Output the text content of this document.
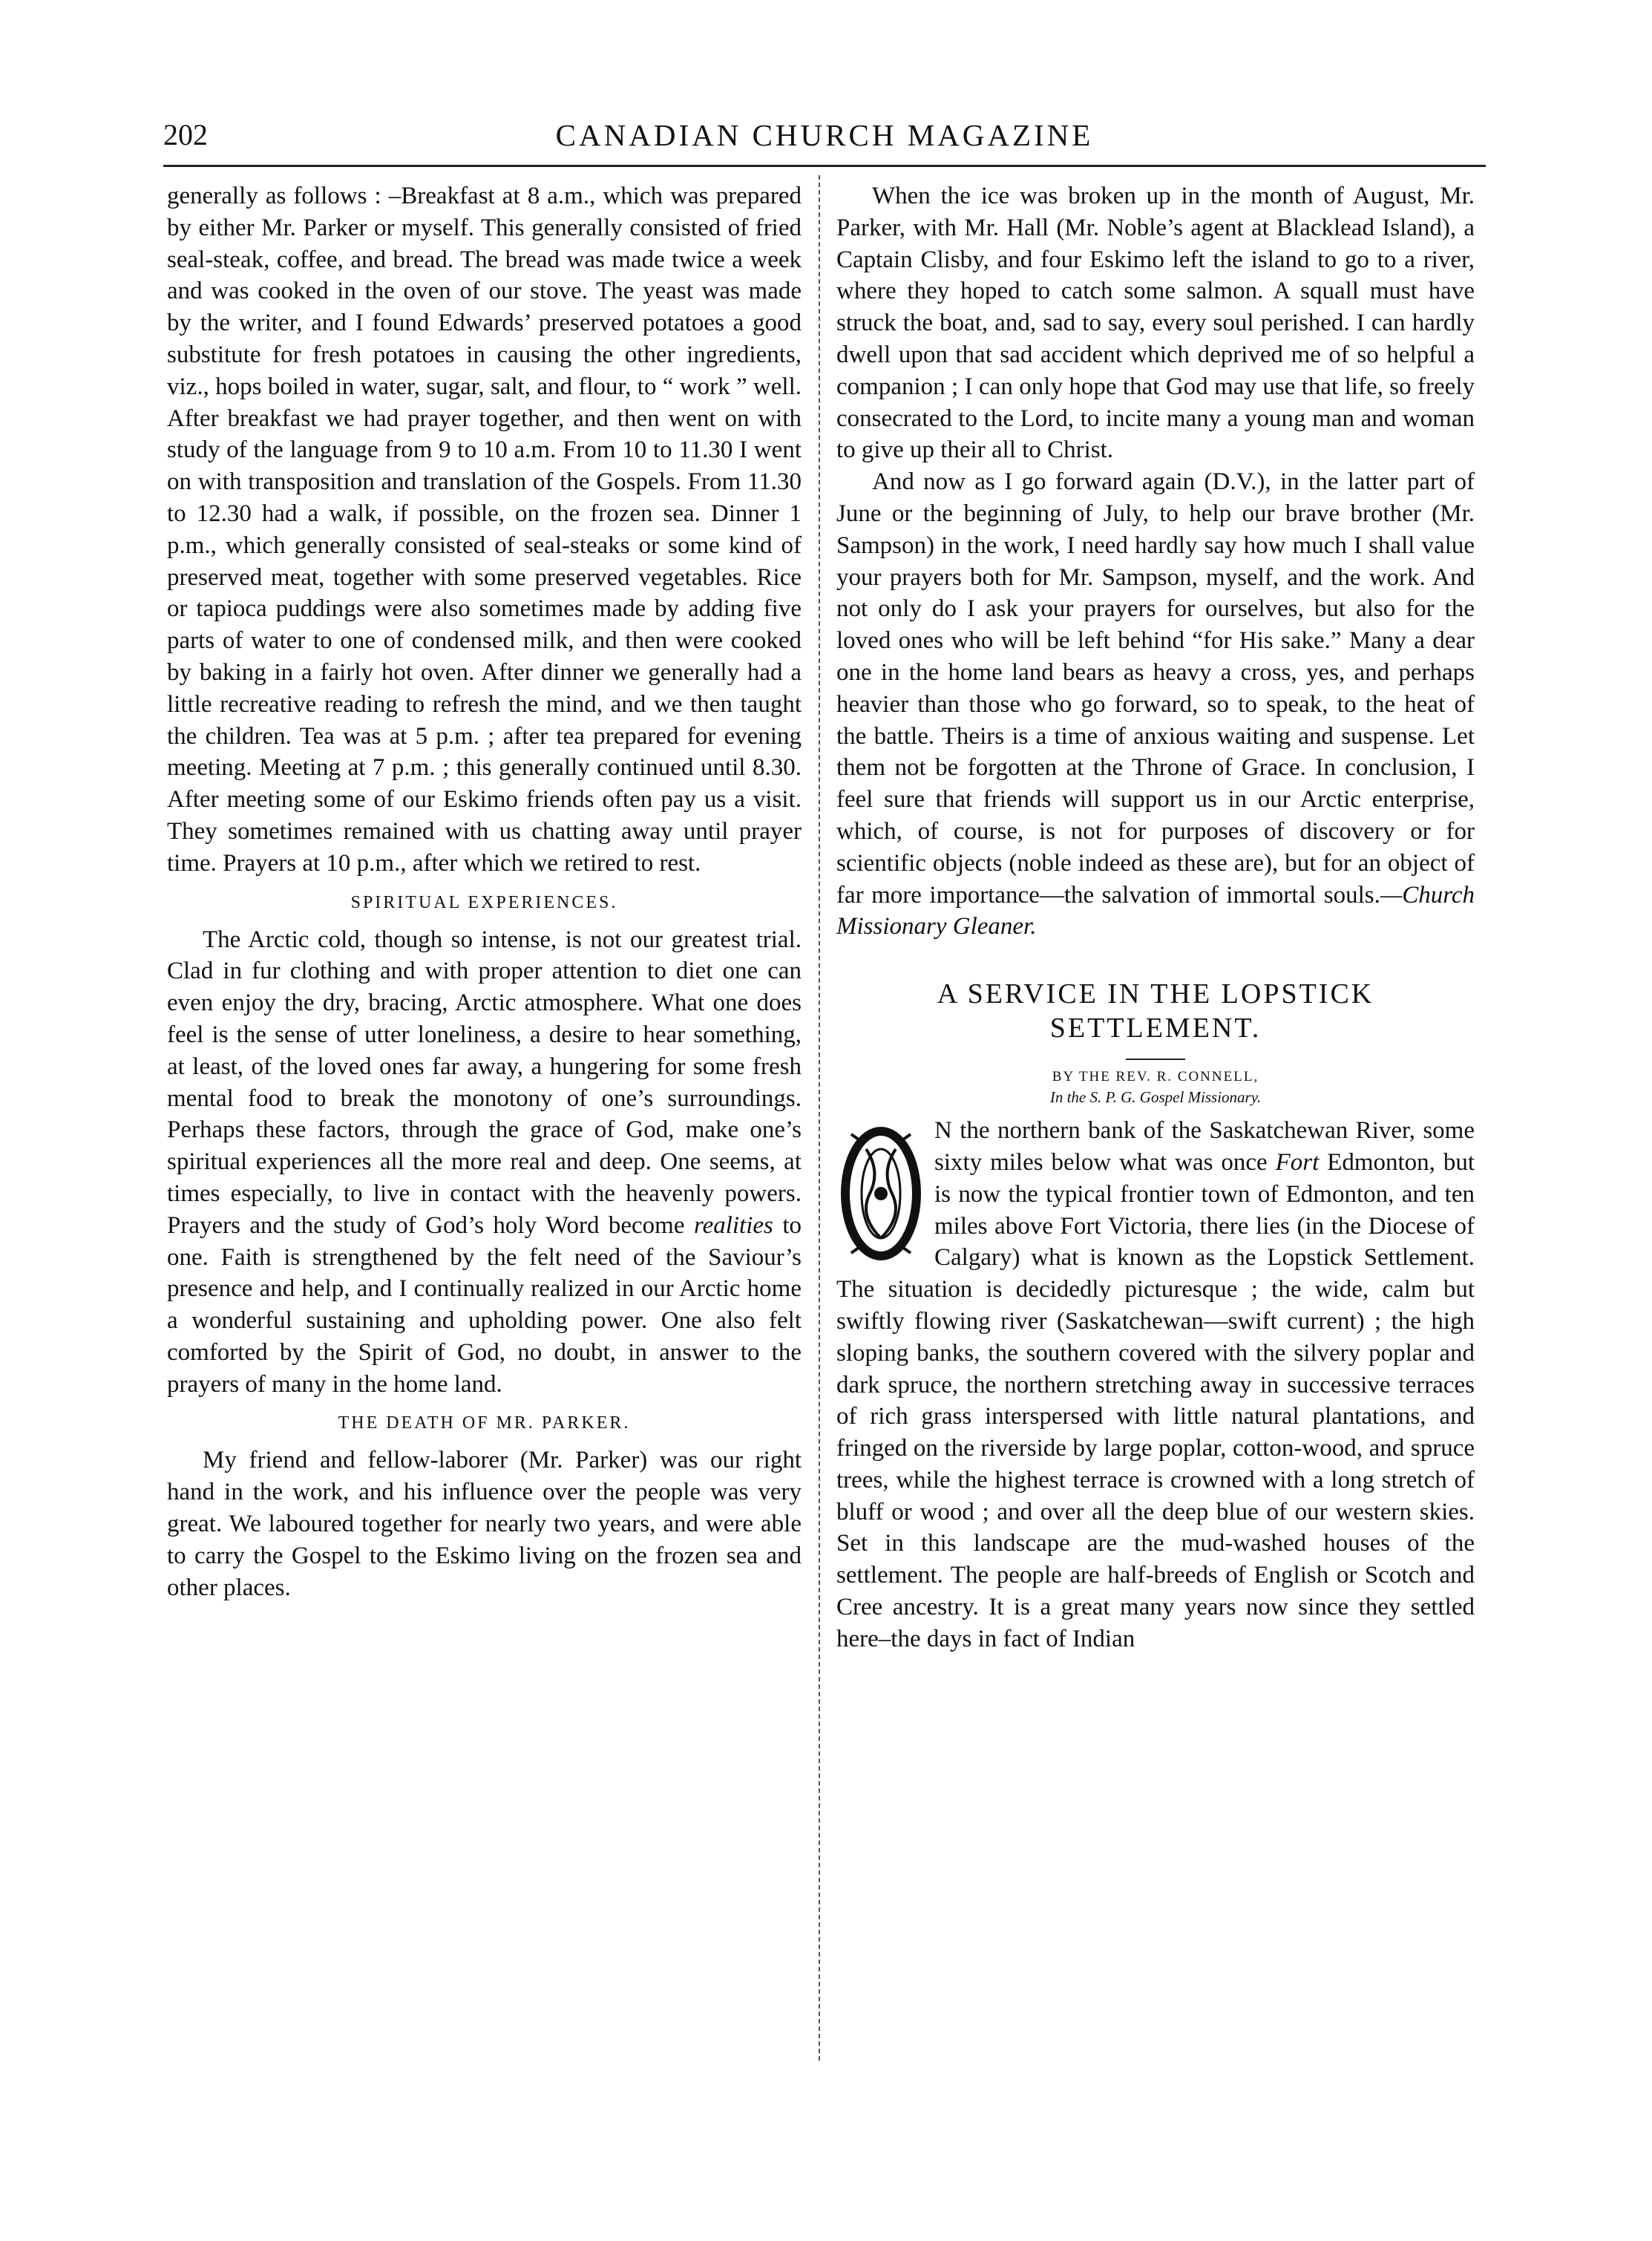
202	CANADIAN CHURCH MAGAZINE

generally as follows : –Breakfast at 8 a.m., which was prepared by either Mr. Parker or myself. This generally consisted of fried seal-steak, coffee, and bread. The bread was made twice a week and was cooked in the oven of our stove. The yeast was made by the writer, and I found Edwards’ preserved potatoes a good substitute for fresh potatoes in causing the other ingredients, viz., hops boiled in water, sugar, salt, and flour, to “ work ” well. After breakfast we had prayer together, and then went on with study of the language from 9 to 10 a.m. From 10 to 11.30 I went on with transposition and translation of the Gospels. From 11.30 to 12.30 had a walk, if possible, on the frozen sea. Dinner 1 p.m., which generally consisted of seal-steaks or some kind of preserved meat, together with some preserved vegetables. Rice or tapioca puddings were also sometimes made by adding five parts of water to one of condensed milk, and then were cooked by baking in a fairly hot oven. After dinner we generally had a little recreative reading to refresh the mind, and we then taught the children. Tea was at 5 p.m. ; after tea prepared for evening meeting. Meeting at 7 p.m. ; this generally continued until 8.30. After meeting some of our Eskimo friends often pay us a visit. They sometimes remained with us chatting away until prayer time. Prayers at 10 p.m., after which we retired to rest.

SPIRITUAL EXPERIENCES.

The Arctic cold, though so intense, is not our greatest trial. Clad in fur clothing and with proper attention to diet one can even enjoy the dry, bracing, Arctic atmosphere. What one does feel is the sense of utter loneliness, a desire to hear something, at least, of the loved ones far away, a hungering for some fresh mental food to break the monotony of one’s surroundings. Perhaps these factors, through the grace of God, make one’s spiritual experiences all the more real and deep. One seems, at times especially, to live in contact with the heavenly powers. Prayers and the study of God’s holy Word become realities to one. Faith is strengthened by the felt need of the Saviour’s presence and help, and I continually realized in our Arctic home a wonderful sustaining and upholding power. One also felt comforted by the Spirit of God, no doubt, in answer to the prayers of many in the home land.

THE DEATH OF MR. PARKER.

My friend and fellow-laborer (Mr. Parker) was our right hand in the work, and his influence over the people was very great. We laboured together for nearly two years, and were able to carry the Gospel to the Eskimo living on the frozen sea and other places.

When the ice was broken up in the month of August, Mr. Parker, with Mr. Hall (Mr. Noble’s agent at Blacklead Island), a Captain Clisby, and four Eskimo left the island to go to a river, where they hoped to catch some salmon. A squall must have struck the boat, and, sad to say, every soul perished. I can hardly dwell upon that sad accident which deprived me of so helpful a companion ; I can only hope that God may use that life, so freely consecrated to the Lord, to incite many a young man and woman to give up their all to Christ.

And now as I go forward again (D.V.), in the latter part of June or the beginning of July, to help our brave brother (Mr. Sampson) in the work, I need hardly say how much I shall value your prayers both for Mr. Sampson, myself, and the work. And not only do I ask your prayers for ourselves, but also for the loved ones who will be left behind “for His sake.” Many a dear one in the home land bears as heavy a cross, yes, and perhaps heavier than those who go forward, so to speak, to the heat of the battle. Theirs is a time of anxious waiting and suspense. Let them not be forgotten at the Throne of Grace. In conclusion, I feel sure that friends will support us in our Arctic enterprise, which, of course, is not for purposes of discovery or for scientific objects (noble indeed as these are), but for an object of far more importance—the salvation of immortal souls.—Church Missionary Gleaner.

A SERVICE IN THE LOPSTICK SETTLEMENT.
BY THE REV. R. CONNELL,
In the S. P. G. Gospel Missionary.

N the northern bank of the Saskatchewan River, some sixty miles below what was once Fort Edmonton, but is now the typical frontier town of Edmonton, and ten miles above Fort Victoria, there lies (in the Diocese of Calgary) what is known as the Lopstick Settlement. The situation is decidedly picturesque ; the wide, calm but swiftly flowing river (Saskatchewan—swift current) ; the high sloping banks, the southern covered with the silvery poplar and dark spruce, the northern stretching away in successive terraces of rich grass interspersed with little natural plantations, and fringed on the riverside by large poplar, cotton-wood, and spruce trees, while the highest terrace is crowned with a long stretch of bluff or wood ; and over all the deep blue of our western skies. Set in this landscape are the mud-washed houses of the settlement. The people are half-breeds of English or Scotch and Cree ancestry. It is a great many years now since they settled here–the days in fact of Indian
